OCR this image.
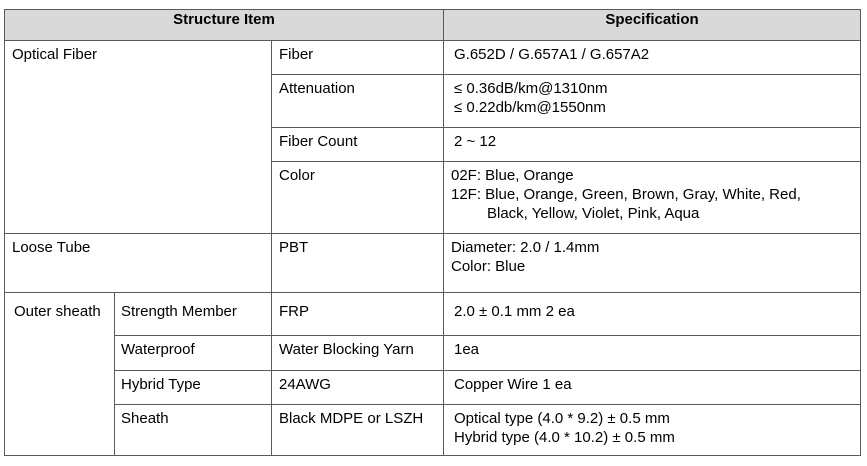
Structure Item			Specification
Optical Fiber		Fiber	G.652D / G.657A1 / G.657A2
		Attenuation	≤ 0.36dB/km@1310nm
≤ 0.22db/km@1550nm

		Fiber Count	2 ~ 12
		Color	02F: Blue, Orange
12F: Blue, Orange, Green, Brown, Gray, White, Red,
Black, Yellow, Violet, Pink, Aqua

Loose Tube		PBT	Diameter: 2.0 / 1.4mm
Color: Blue

Outer sheath	Strength Member	FRP	2.0 ± 0.1 mm 2 ea
	Waterproof	Water Blocking Yarn	1ea
	Hybrid Type	24AWG	Copper Wire 1 ea
	Sheath	Black MDPE or LSZH	Optical type (4.0 * 9.2) ± 0.5 mm
Hybrid type (4.0 * 10.2) ± 0.5 mm
